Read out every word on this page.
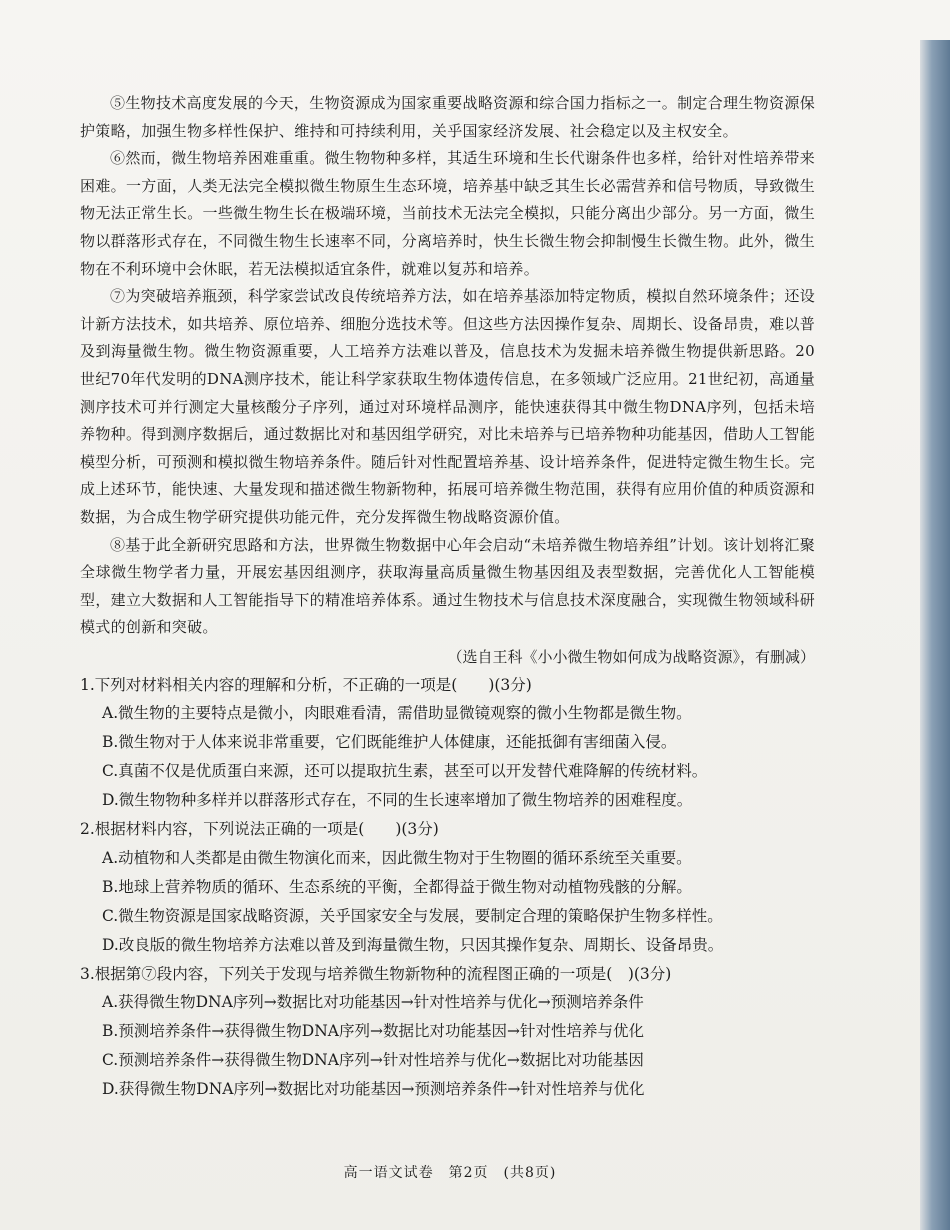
⑤生物技术高度发展的今天，生物资源成为国家重要战略资源和综合国力指标之一。制定合理生物资源保护策略，加强生物多样性保护、维持和可持续利用，关乎国家经济发展、社会稳定以及主权安全。

⑥然而，微生物培养困难重重。微生物物种多样，其适生环境和生长代谢条件也多样，给针对性培养带来困难。一方面，人类无法完全模拟微生物原生生态环境，培养基中缺乏其生长必需营养和信号物质，导致微生物无法正常生长。一些微生物生长在极端环境，当前技术无法完全模拟，只能分离出少部分。另一方面，微生物以群落形式存在，不同微生物生长速率不同，分离培养时，快生长微生物会抑制慢生长微生物。此外，微生物在不利环境中会休眠，若无法模拟适宜条件，就难以复苏和培养。

⑦为突破培养瓶颈，科学家尝试改良传统培养方法，如在培养基添加特定物质，模拟自然环境条件；还设计新方法技术，如共培养、原位培养、细胞分选技术等。但这些方法因操作复杂、周期长、设备昂贵，难以普及到海量微生物。微生物资源重要，人工培养方法难以普及，信息技术为发掘未培养微生物提供新思路。20世纪70年代发明的DNA测序技术，能让科学家获取生物体遗传信息，在多领域广泛应用。21世纪初，高通量测序技术可并行测定大量核酸分子序列，通过对环境样品测序，能快速获得其中微生物DNA序列，包括未培养物种。得到测序数据后，通过数据比对和基因组学研究，对比未培养与已培养物种功能基因，借助人工智能模型分析，可预测和模拟微生物培养条件。随后针对性配置培养基、设计培养条件，促进特定微生物生长。完成上述环节，能快速、大量发现和描述微生物新物种，拓展可培养微生物范围，获得有应用价值的种质资源和数据，为合成生物学研究提供功能元件，充分发挥微生物战略资源价值。

⑧基于此全新研究思路和方法，世界微生物数据中心年会启动“未培养微生物培养组”计划。该计划将汇聚全球微生物学者力量，开展宏基因组测序，获取海量高质量微生物基因组及表型数据，完善优化人工智能模型，建立大数据和人工智能指导下的精准培养体系。通过生物技术与信息技术深度融合，实现微生物领域科研模式的创新和突破。

（选自王科《小小微生物如何成为战略资源》，有删减）

1.下列对材料相关内容的理解和分析，不正确的一项是(　　)(3分)

A.微生物的主要特点是微小，肉眼难看清，需借助显微镜观察的微小生物都是微生物。

B.微生物对于人体来说非常重要，它们既能维护人体健康，还能抵御有害细菌入侵。

C.真菌不仅是优质蛋白来源，还可以提取抗生素，甚至可以开发替代难降解的传统材料。

D.微生物物种多样并以群落形式存在，不同的生长速率增加了微生物培养的困难程度。

2.根据材料内容，下列说法正确的一项是(　　)(3分)

A.动植物和人类都是由微生物演化而来，因此微生物对于生物圈的循环系统至关重要。

B.地球上营养物质的循环、生态系统的平衡，全都得益于微生物对动植物残骸的分解。

C.微生物资源是国家战略资源，关乎国家安全与发展，要制定合理的策略保护生物多样性。

D.改良版的微生物培养方法难以普及到海量微生物，只因其操作复杂、周期长、设备昂贵。

3.根据第⑦段内容，下列关于发现与培养微生物新物种的流程图正确的一项是(　)(3分)

A.获得微生物DNA序列→数据比对功能基因→针对性培养与优化→预测培养条件

B.预测培养条件→获得微生物DNA序列→数据比对功能基因→针对性培养与优化

C.预测培养条件→获得微生物DNA序列→针对性培养与优化→数据比对功能基因

D.获得微生物DNA序列→数据比对功能基因→预测培养条件→针对性培养与优化

高一语文试卷　第2页　(共8页)
